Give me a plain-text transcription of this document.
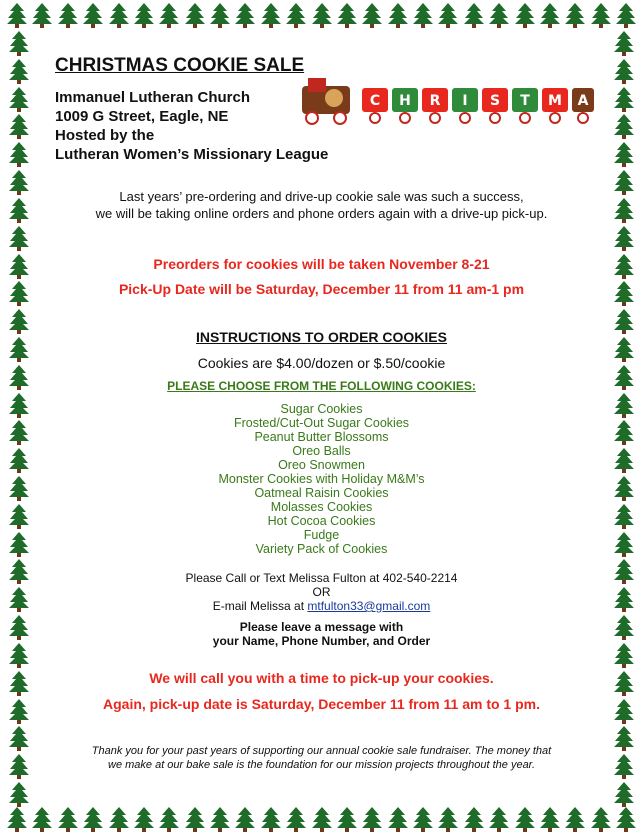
CHRISTMAS COOKIE SALE
Immanuel Lutheran Church
1009 G Street, Eagle, NE
Hosted by the
Lutheran Women’s Missionary League
C H R I S T M A
Last years’ pre-ordering and drive-up cookie sale was such a success,
we will be taking online orders and phone orders again with a drive-up pick-up.
Preorders for cookies will be taken November 8-21
Pick-Up Date will be Saturday, December 11 from 11 am-1 pm
INSTRUCTIONS TO ORDER COOKIES
Cookies are $4.00/dozen or $.50/cookie
PLEASE CHOOSE FROM THE FOLLOWING COOKIES:
Sugar Cookies
Frosted/Cut-Out Sugar Cookies
Peanut Butter Blossoms
Oreo Balls
Oreo Snowmen
Monster Cookies with Holiday M&M’s
Oatmeal Raisin Cookies
Molasses Cookies
Hot Cocoa Cookies
Fudge
Variety Pack of Cookies
Please Call or Text Melissa Fulton at 402-540-2214
OR
E-mail Melissa at mtfulton33@gmail.com
Please leave a message with
your Name, Phone Number, and Order
We will call you with a time to pick-up your cookies.
Again, pick-up date is Saturday, December 11 from 11 am to 1 pm.
Thank you for your past years of supporting our annual cookie sale fundraiser. The money that
we make at our bake sale is the foundation for our mission projects throughout the year.
